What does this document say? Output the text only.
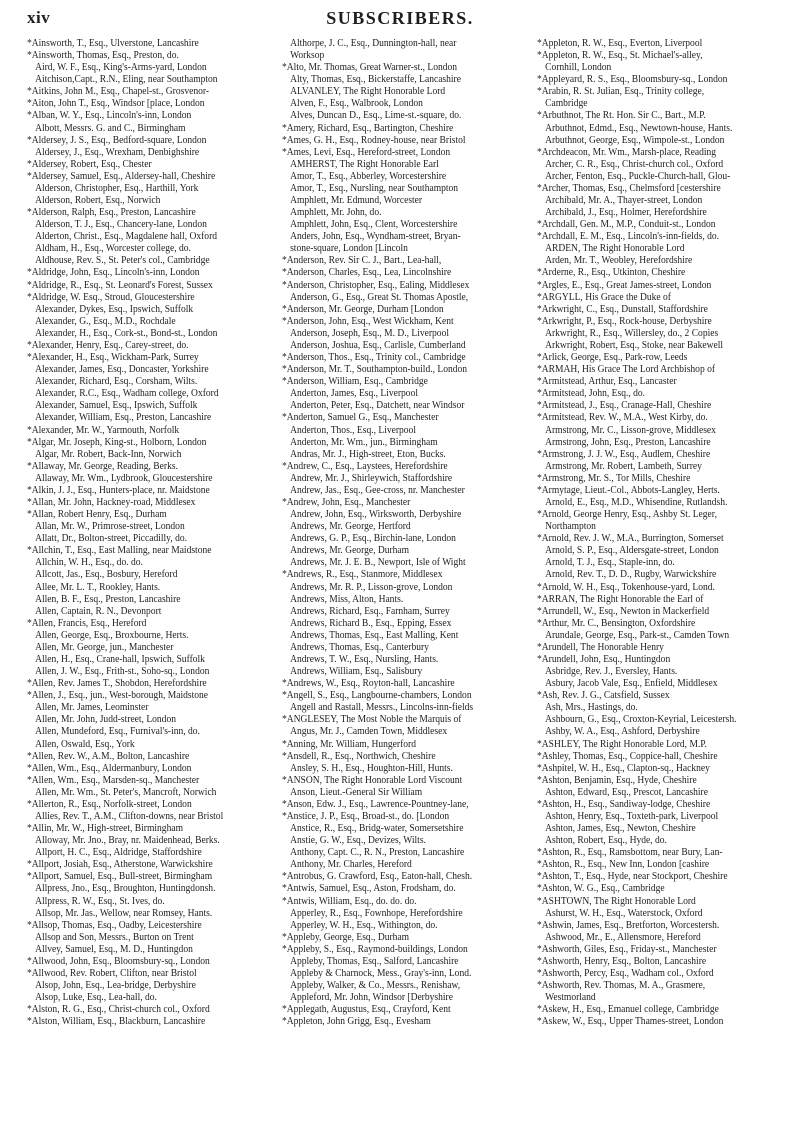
xiv	SUBSCRIBERS.
*Ainsworth, T., Esq., Ulverstone, Lancashire
*Ainsworth, Thomas, Esq., Preston, do.
Aird, W. F., Esq., King's-Arms-yard, London
Aitchison,Capt., R.N., Eling, near Southampton
*Aitkins, John M., Esq., Chapel-st., Grosvenor-
*Aiton, John T., Esq., Windsor [place, London
*Alban, W. Y., Esq., Lincoln's-inn, London
Albott, Messrs. G. and C., Birmingham
*Aldersey, J. S., Esq., Bedford-square, London
Aldersey, J., Esq., Wrexham, Denbighshire
*Aldersey, Robert, Esq., Chester
*Aldersey, Samuel, Esq., Aldersey-hall, Cheshire
Alderson, Christopher, Esq., Harthill, York
Alderson, Robert, Esq., Norwich
*Alderson, Ralph, Esq., Preston, Lancashire
Alderson, T. J., Esq., Chancery-lane, London
Alderton, Christ., Esq., Magdalene hall, Oxford
Aldham, H., Esq., Worcester college, do.
Aldhouse, Rev. S., St. Peter's col., Cambridge
*Aldridge, John, Esq., Lincoln's-inn, London
*Aldridge, R., Esq., St. Leonard's Forest, Sussex
*Aldridge, W. Esq., Stroud, Gloucestershire
Alexander, Dykes, Esq., Ipswich, Suffolk
Alexander, G., Esq., M.D., Rochdale
Alexander, H., Esq., Cork-st., Bond-st., London
*Alexander, Henry, Esq., Carey-street, do.
*Alexander, H., Esq., Wickham-Park, Surrey
Alexander, James, Esq., Doncaster, Yorkshire
Alexander, Richard, Esq., Corsham, Wilts.
Alexander, R.C., Esq., Wadham college, Oxford
Alexander, Samuel, Esq., Ipswich, Suffolk
Alexander, William, Esq., Preston, Lancashire
*Alexander, Mr. W., Yarmouth, Norfolk
*Algar, Mr. Joseph, King-st., Holborn, London
Algar, Mr. Robert, Back-Inn, Norwich
*Allaway, Mr. George, Reading, Berks.
Allaway, Mr. Wm., Lydbrook, Gloucestershire
*Alkin, J. J., Esq., Hunters-place, nr. Maidstone
*Allan, Mr. John, Hackney-road, Middlesex
*Allan, Robert Henry, Esq., Durham
Allan, Mr. W., Primrose-street, London
Allatt, Dr., Bolton-street, Piccadilly, do.
*Allchin, T., Esq., East Malling, near Maidstone
Allchin, W. H., Esq., do. do.
Allcott, Jas., Esq., Bosbury, Hereford
Allee, Mr. L. T., Rookley, Hants.
Allen, B. F., Esq., Preston, Lancashire
Allen, Captain, R. N., Devonport
*Allen, Francis, Esq., Hereford
Allen, George, Esq., Broxbourne, Herts.
Allen, Mr. George, jun., Manchester
Allen, H., Esq., Crane-hall, Ipswich, Suffolk
Allen, J. W., Esq., Frith-st., Soho-sq., London
*Allen, Rev. James T., Shobdon, Herefordshire
*Allen, J., Esq., jun., West-borough, Maidstone
Allen, Mr. James, Leominster
Allen, Mr. John, Judd-street, London
Allen, Mundeford, Esq., Furnival's-inn, do.
Allen, Oswald, Esq., York
*Allen, Rev. W., A.M., Bolton, Lancashire
*Allen, Wm., Esq., Aldermanbury, London
*Allen, Wm., Esq., Marsden-sq., Manchester
Allen, Mr. Wm., St. Peter's, Mancroft, Norwich
*Allerton, R., Esq., Norfolk-street, London
Allies, Rev. T., A.M., Clifton-downs, near Bristol
*Allin, Mr. W., High-street, Birmingham
Alloway, Mr. Jno., Bray, nr. Maidenhead, Berks.
Allport, H. C., Esq., Aldridge, Staffordshire
*Allport, Josiah, Esq., Atherstone, Warwickshire
*Allport, Samuel, Esq., Bull-street, Birmingham
Allpress, Jno., Esq., Broughton, Huntingdonsh.
Allpress, R. W., Esq., St. Ives, do.
Allsop, Mr. Jas., Wellow, near Romsey, Hants.
*Allsop, Thomas, Esq., Oadby, Leicestershire
Allsop and Son, Messrs., Burton on Trent
Allvey, Samuel, Esq., M. D., Huntingdon
*Allwood, John, Esq., Bloomsbury-sq., London
*Allwood, Rev. Robert, Clifton, near Bristol
Alsop, John, Esq., Lea-bridge, Derbyshire
Alsop, Luke, Esq., Lea-hall, do.
*Alston, R. G., Esq., Christ-church col., Oxford
*Alston, William, Esq., Blackburn, Lancashire
Althorpe, J. C., Esq., Dunnington-hall, near
Worksop
*Alto, Mr. Thomas, Great Warner-st., London
Alty, Thomas, Esq., Bickerstaffe, Lancashire
ALVANLEY, The Right Honorable Lord
Alven, F., Esq., Walbrook, London
Alves, Duncan D., Esq., Lime-st.-square, do.
*Amery, Richard, Esq., Bartington, Cheshire
*Ames, G. H., Esq., Rodney-house, near Bristol
*Ames, Levi, Esq., Hereford-street, London
AMHERST, The Right Honorable Earl
Amor, T., Esq., Abberley, Worcestershire
Amor, T., Esq., Nursling, near Southampton
Amphlett, Mr. Edmund, Worcester
Amphlett, Mr. John, do.
Amphlett, John, Esq., Clent, Worcestershire
Anders, John, Esq., Wyndham-street, Bryan-
stone-square, London [Lincoln
*Anderson, Rev. Sir C. J., Bart., Lea-hall,
*Anderson, Charles, Esq., Lea, Lincolnshire
*Anderson, Christopher, Esq., Ealing, Middlesex
Anderson, G., Esq., Great St. Thomas Apostle,
*Anderson, Mr. George, Durham [London
*Anderson, John, Esq., West Wickham, Kent
Anderson, Joseph, Esq., M. D., Liverpool
Anderson, Joshua, Esq., Carlisle, Cumberland
*Anderson, Thos., Esq., Trinity col., Cambridge
*Anderson, Mr. T., Southampton-build., London
*Anderson, William, Esq., Cambridge
Anderton, James, Esq., Liverpool
Anderton, Peter, Esq., Datchett, near Windsor
*Anderton, Samuel G., Esq., Manchester
Anderton, Thos., Esq., Liverpool
Anderton, Mr. Wm., jun., Birmingham
Andras, Mr. J., High-street, Eton, Bucks.
*Andrew, C., Esq., Laystees, Herefordshire
Andrew, Mr. J., Shirleywich, Staffordshire
Andrew, Jas., Esq., Gee-cross, nr. Manchester
*Andrew, John, Esq., Manchester
Andrew, John, Esq., Wirksworth, Derbyshire
Andrews, Mr. George, Hertford
Andrews, G. P., Esq., Birchin-lane, London
Andrews, Mr. George, Durham
Andrews, Mr. J. E. B., Newport, Isle of Wight
*Andrews, R., Esq., Stanmore, Middlesex
Andrews, Mr. R. P., Lisson-grove, London
Andrews, Miss, Alton, Hants.
Andrews, Richard, Esq., Farnham, Surrey
Andrews, Richard B., Esq., Epping, Essex
Andrews, Thomas, Esq., East Malling, Kent
Andrews, Thomas, Esq., Canterbury
Andrews, T. W., Esq., Nursling, Hants.
Andrews, William, Esq., Salisbury
*Andrews, W., Esq., Royton-hall, Lancashire
*Angell, S., Esq., Langbourne-chambers, London
Angell and Rastall, Messrs., Lincolns-inn-fields
*ANGLESEY, The Most Noble the Marquis of
Angus, Mr. J., Camden Town, Middlesex
*Anning, Mr. William, Hungerford
*Ansdell, R., Esq., Northwich, Cheshire
Ansley, S. H., Esq., Houghton-Hill, Hunts.
*ANSON, The Right Honorable Lord Viscount
Anson, Lieut.-General Sir William
*Anson, Edw. J., Esq., Lawrence-Pountney-lane,
*Anstice, J. P., Esq., Broad-st., do. [London
Anstice, R., Esq., Bridg-water, Somersetshire
Anstie, G. W., Esq., Devizes, Wilts.
Anthony, Capt. C., R. N., Preston, Lancashire
Anthony, Mr. Charles, Hereford
*Antrobus, G. Crawford, Esq., Eaton-hall, Chesh.
*Antwis, Samuel, Esq., Aston, Frodsham, do.
*Antwis, William, Esq., do. do. do.
Apperley, R., Esq., Fownhope, Herefordshire
Apperley, W. H., Esq., Withington, do.
*Appleby, George, Esq., Durham
*Appleby, S., Esq., Raymond-buildings, London
Appleby, Thomas, Esq., Salford, Lancashire
Appleby & Charnock, Mess., Gray's-inn, Lond.
Appleby, Walker, & Co., Messrs., Renishaw,
Appleford, Mr. John, Windsor [Derbyshire
*Applegath, Augustus, Esq., Crayford, Kent
*Appleton, John Grigg, Esq., Evesham
*Appleton, R. W., Esq., Everton, Liverpool
*Appleton, R. W., Esq., St. Michael's-alley,
Cornhill, London
*Appleyard, R. S., Esq., Bloomsbury-sq., London
*Arabin, R. St. Julian, Esq., Trinity college,
Cambridge
*Arbuthnot, The Rt. Hon. Sir C., Bart., M.P.
Arbuthnot, Edmd., Esq., Newtown-house, Hants.
Arbuthnot, George, Esq., Wimpole-st., London
*Archdeacon, Mr. Wm., Marsh-place, Reading
Archer, C. R., Esq., Christ-church col., Oxford
Archer, Fenton, Esq., Puckle-Church-hall, Glou-
*Archer, Thomas, Esq., Chelmsford [cestershire
Archibald, Mr. A., Thayer-street, London
Archibald, J., Esq., Holmer, Herefordshire
*Archdall, Gen. M., M.P., Conduit-st., London
*Archdall, E. M., Esq., Lincoln's-inn-fields, do.
ARDEN, The Right Honorable Lord
Arden, Mr. T., Weobley, Herefordshire
*Arderne, R., Esq., Utkinton, Cheshire
*Argles, E., Esq., Great James-street, London
*ARGYLL, His Grace the Duke of
*Arkwright, C., Esq., Dunstall, Staffordshire
*Arkwright, P., Esq., Rock-house, Derbyshire
Arkwright, R., Esq., Willersley, do., 2 Copies
Arkwright, Robert, Esq., Stoke, near Bakewell
*Arlick, George, Esq., Park-row, Leeds
*ARMAH, His Grace The Lord Archbishop of
*Armitstead, Arthur, Esq., Lancaster
*Armitstead, John, Esq., do.
*Armitstead, J., Esq., Cranage-Hall, Cheshire
*Armitstead, Rev. W., M.A., West Kirby, do.
Armstrong, Mr. C., Lisson-grove, Middlesex
Armstrong, John, Esq., Preston, Lancashire
*Armstrong, J. J. W., Esq., Audlem, Cheshire
Armstrong, Mr. Robert, Lambeth, Surrey
*Armstrong, Mr. S., Tor Mills, Cheshire
*Armytage, Lieut.-Col., Abbots-Langley, Herts.
Arnold, E., Esq., M.D., Whisendine, Rutlandsh.
*Arnold, George Henry, Esq., Ashby St. Leger,
Northampton
*Arnold, Rev. J. W., M.A., Burrington, Somerset
Arnold, S. P., Esq., Aldersgate-street, London
Arnold, T. J., Esq., Staple-inn, do.
Arnold, Rev. T., D. D., Rugby, Warwickshire
*Arnold, W. H., Esq., Tokenhouse-yard, Lond.
*ARRAN, The Right Honorable the Earl of
*Arrundell, W., Esq., Newton in Mackerfield
*Arthur, Mr. C., Bensington, Oxfordshire
Arundale, George, Esq., Park-st., Camden Town
*Arundell, The Honorable Henry
*Arundell, John, Esq., Huntingdon
Asbridge, Rev. J., Eversley, Hants.
Asbury, Jacob Vale, Esq., Enfield, Middlesex
*Ash, Rev. J. G., Catsfield, Sussex
Ash, Mrs., Hastings, do.
Ashbourn, G., Esq., Croxton-Keyrial, Leicestersh.
Ashby, W. A., Esq., Ashford, Derbyshire
*ASHLEY, The Right Honorable Lord, M.P.
*Ashley, Thomas, Esq., Coppice-hall, Cheshire
*Ashpitel, W. H., Esq., Clapton-sq., Hackney
*Ashton, Benjamin, Esq., Hyde, Cheshire
Ashton, Edward, Esq., Prescot, Lancashire
*Ashton, H., Esq., Sandiway-lodge, Cheshire
Ashton, Henry, Esq., Toxteth-park, Liverpool
Ashton, James, Esq., Newton, Cheshire
Ashton, Robert, Esq., Hyde, do.
*Ashton, R., Esq., Ramsbottom, near Bury, Lan-
*Ashton, R., Esq., New Inn, London [cashire
*Ashton, T., Esq., Hyde, near Stockport, Cheshire
*Ashton, W. G., Esq., Cambridge
*ASHTOWN, The Right Honorable Lord
Ashurst, W. H., Esq., Waterstock, Oxford
*Ashwin, James, Esq., Bretforton, Worcestersh.
Ashwood, Mr., E., Allensmore, Hereford
*Ashworth, Giles, Esq., Friday-st., Manchester
*Ashworth, Henry, Esq., Bolton, Lancashire
*Ashworth, Percy, Esq., Wadham col., Oxford
*Ashworth, Rev. Thomas, M. A., Grasmere,
Westmorland
*Askew, H., Esq., Emanuel college, Cambridge
*Askew, W., Esq., Upper Thames-street, London
